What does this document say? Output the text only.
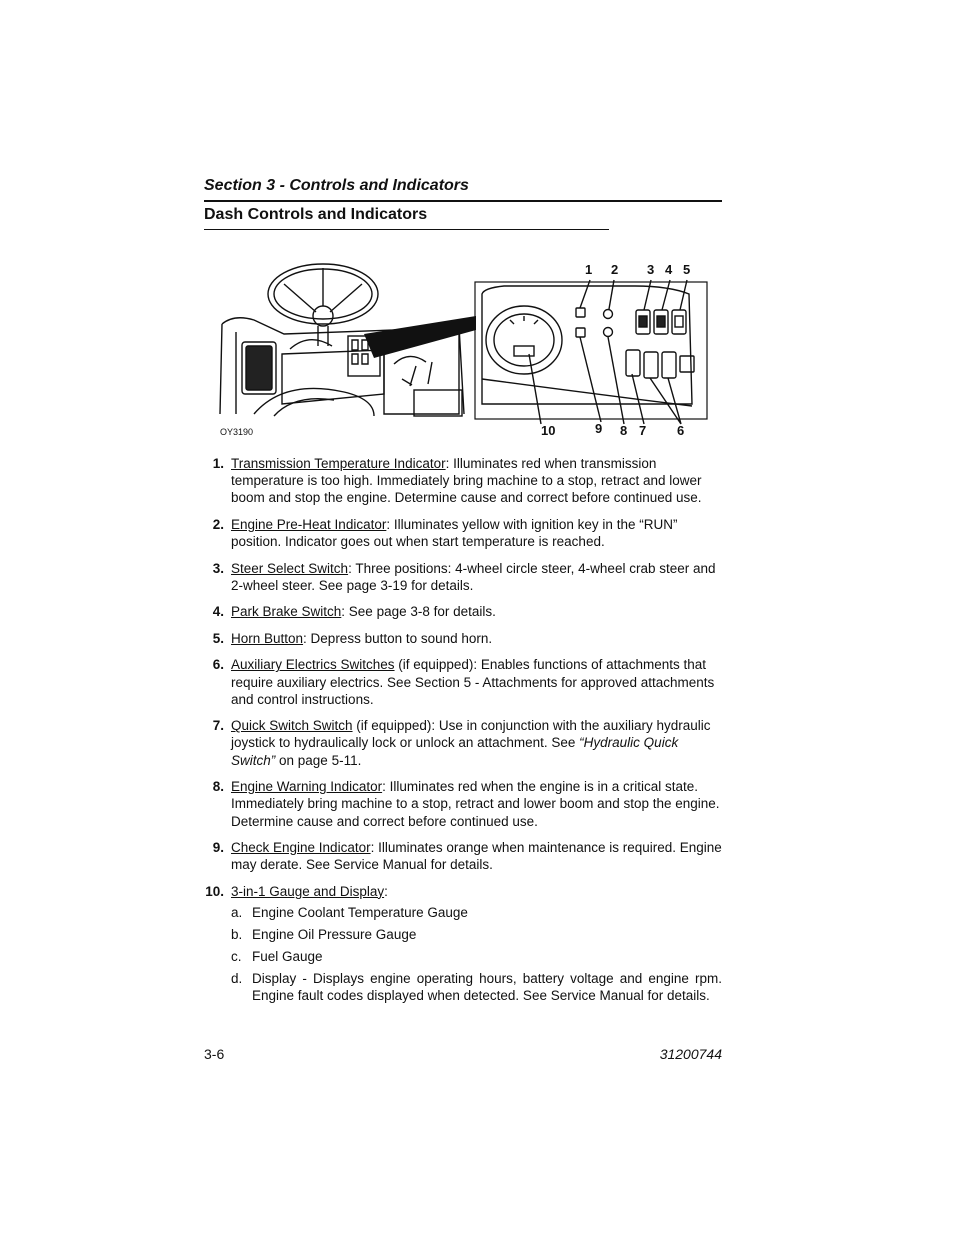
Section 3 - Controls and Indicators
Dash Controls and Indicators
1 2 3 4 5
10	9 8 7 6
OY3190
1. Transmission Temperature Indicator: Illuminates red when transmission temperature is too high. Immediately bring machine to a stop, retract and lower boom and stop the engine. Determine cause and correct before continued use.
2. Engine Pre-Heat Indicator: Illuminates yellow with ignition key in the “RUN” position. Indicator goes out when start temperature is reached.
3. Steer Select Switch: Three positions: 4-wheel circle steer, 4-wheel crab steer and 2-wheel steer. See page 3-19 for details.
4. Park Brake Switch: See page 3-8 for details.
5. Horn Button: Depress button to sound horn.
6. Auxiliary Electrics Switches (if equipped): Enables functions of attachments that require auxiliary electrics. See Section 5 - Attachments for approved attachments and control instructions.
7. Quick Switch Switch (if equipped): Use in conjunction with the auxiliary hydraulic joystick to hydraulically lock or unlock an attachment. See “Hydraulic Quick Switch” on page 5-11.
8. Engine Warning Indicator: Illuminates red when the engine is in a critical state. Immediately bring machine to a stop, retract and lower boom and stop the engine. Determine cause and correct before continued use.
9. Check Engine Indicator: Illuminates orange when maintenance is required. Engine may derate. See Service Manual for details.
10. 3-in-1 Gauge and Display:
a. Engine Coolant Temperature Gauge
b. Engine Oil Pressure Gauge
c. Fuel Gauge
d. Display - Displays engine operating hours, battery voltage and engine rpm. Engine fault codes displayed when detected. See Service Manual for details.
3-6	31200744
